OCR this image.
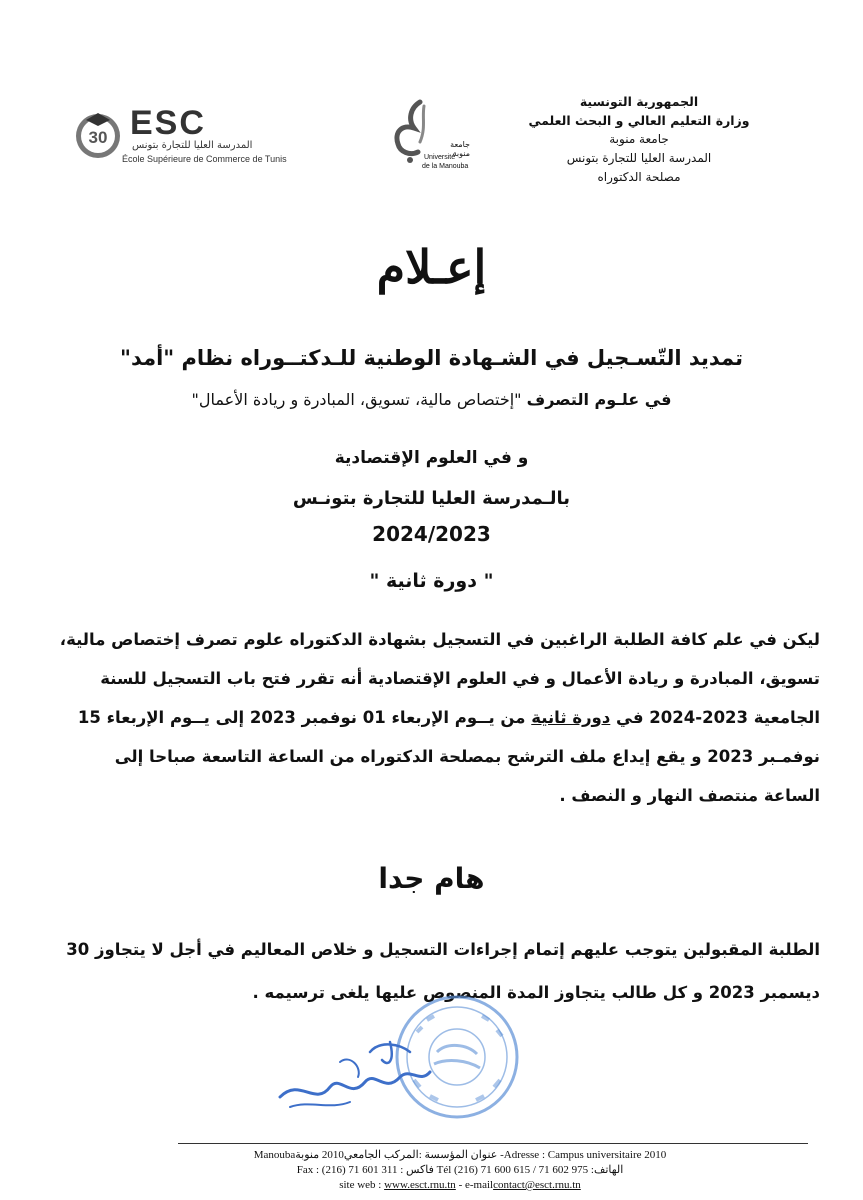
30 ESC
المدرسة العليا للتجارة بتونس
École Supérieure de Commerce de Tunis
جامعة منوبة
Université
de la Manouba
الجمهورية التونسية
وزارة التعليم العالي و البحث العلمي
جامعة منوبة
المدرسة العليا للتجارة بتونس
مصلحة الدكتوراه
إعـلام
تمديد التّسـجيل في الشـهادة الوطنية للـدكتــوراه نظام "أمد"
في علـوم التصرف "إختصاص مالية، تسويق، المبادرة و ريادة الأعمال"
و في العلوم الإقتصادية
بالـمدرسة العليا للتجارة بتونـس
2024/2023
" دورة ثانية "
ليكن في علم كافة الطلبة الراغبين في التسجيل بشهادة الدكتوراه علوم تصرف إختصاص مالية،
تسويق، المبادرة و ريادة الأعمال و في العلوم الإقتصادية أنه تقرر فتح باب التسجيل للسنة
الجامعية 2023-2024 في دورة ثانية من يــوم الإربعاء 01 نوفمبر 2023 إلى يــوم الإربعاء 15
نوفمـبر 2023 و يقع إيداع ملف الترشح بمصلحة الدكتوراه من الساعة التاسعة صباحا إلى
الساعة منتصف النهار و النصف .
هام جدا
الطلبة المقبولين يتوجب عليهم إتمام إجراءات التسجيل و خلاص المعاليم في أجل لا يتجاوز 30
ديسمبر 2023 و كل طالب يتجاوز المدة المنصوص عليها يلغى ترسيمه .
Manoubaعنوان المؤسسة :المركب الجامعي2010 منوبة -Adresse : Campus universitaire 2010
Fax : (216) 71 601 311 : فاكس Tél (216) 71 600 615 / 71 602 975 :الهاتف
site web : www.esct.rnu.tn - e-mailcontact@esct.rnu.tn
